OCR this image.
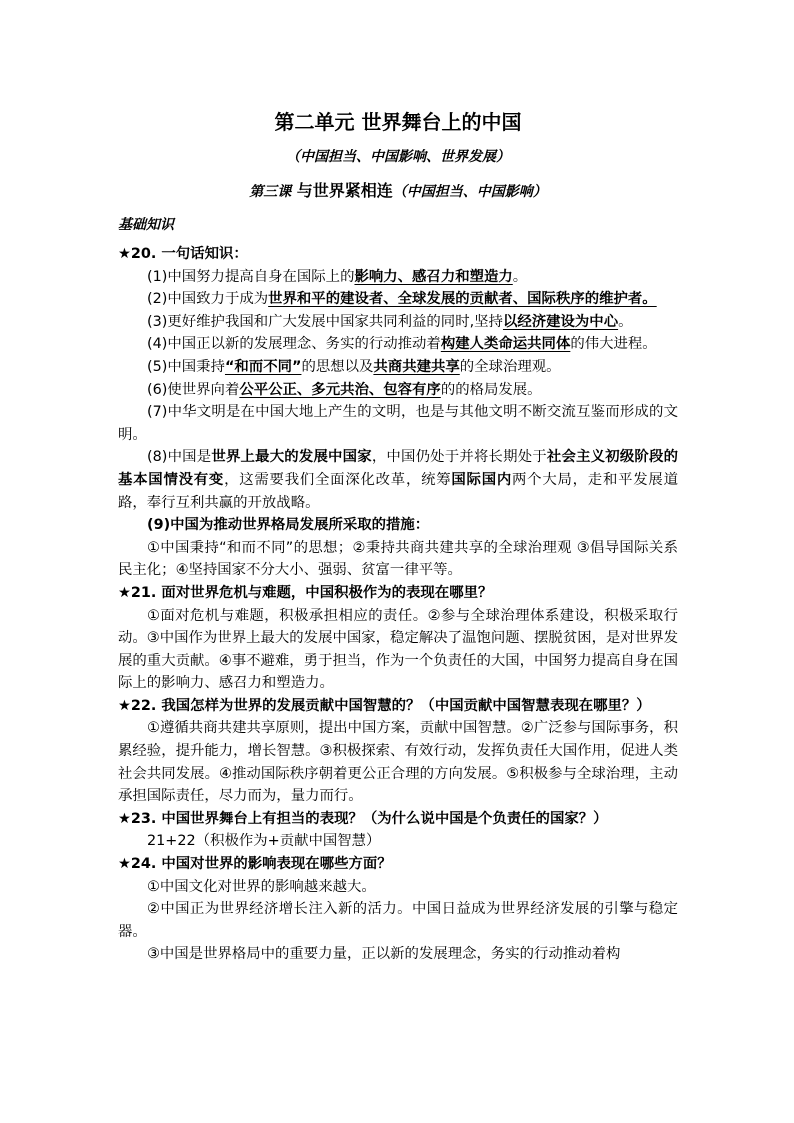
第二单元 世界舞台上的中国
（中国担当、中国影响、世界发展）
第三课 与世界紧相连（中国担当、中国影响）
基础知识

★20. 一句话知识：

(1)中国努力提高自身在国际上的影响力、感召力和塑造力。

(2)中国致力于成为世界和平的建设者、全球发展的贡献者、国际秩序的维护者。

(3)更好维护我国和广大发展中国家共同利益的同时,坚持以经济建设为中心。

(4)中国正以新的发展理念、务实的行动推动着构建人类命运共同体的伟大进程。

(5)中国秉持“和而不同”的思想以及共商共建共享的全球治理观。

(6)使世界向着公平公正、多元共治、包容有序的的格局发展。

(7)中华文明是在中国大地上产生的文明，也是与其他文明不断交流互鉴而形成的文明。

(8)中国是世界上最大的发展中国家，中国仍处于并将长期处于社会主义初级阶段的基本国情没有变，这需要我们全面深化改革，统筹国际国内两个大局，走和平发展道路，奉行互利共赢的开放战略。

(9)中国为推动世界格局发展所采取的措施：

①中国秉持“和而不同”的思想；②秉持共商共建共享的全球治理观 ③倡导国际关系民主化；④坚持国家不分大小、强弱、贫富一律平等。

★21. 面对世界危机与难题，中国积极作为的表现在哪里？

①面对危机与难题，积极承担相应的责任。②参与全球治理体系建设，积极采取行动。③中国作为世界上最大的发展中国家，稳定解决了温饱问题、摆脱贫困，是对世界发展的重大贡献。④事不避难，勇于担当，作为一个负责任的大国，中国努力提高自身在国际上的影响力、感召力和塑造力。

★22. 我国怎样为世界的发展贡献中国智慧的？（中国贡献中国智慧表现在哪里？）

①遵循共商共建共享原则，提出中国方案，贡献中国智慧。②广泛参与国际事务，积累经验，提升能力，增长智慧。③积极探索、有效行动，发挥负责任大国作用，促进人类社会共同发展。④推动国际秩序朝着更公正合理的方向发展。⑤积极参与全球治理，主动承担国际责任，尽力而为，量力而行。

★23. 中国世界舞台上有担当的表现？（为什么说中国是个负责任的国家？）

21+22（积极作为+贡献中国智慧）

★24. 中国对世界的影响表现在哪些方面？

①中国文化对世界的影响越来越大。

②中国正为世界经济增长注入新的活力。中国日益成为世界经济发展的引擎与稳定器。

③中国是世界格局中的重要力量，正以新的发展理念，务实的行动推动着构
